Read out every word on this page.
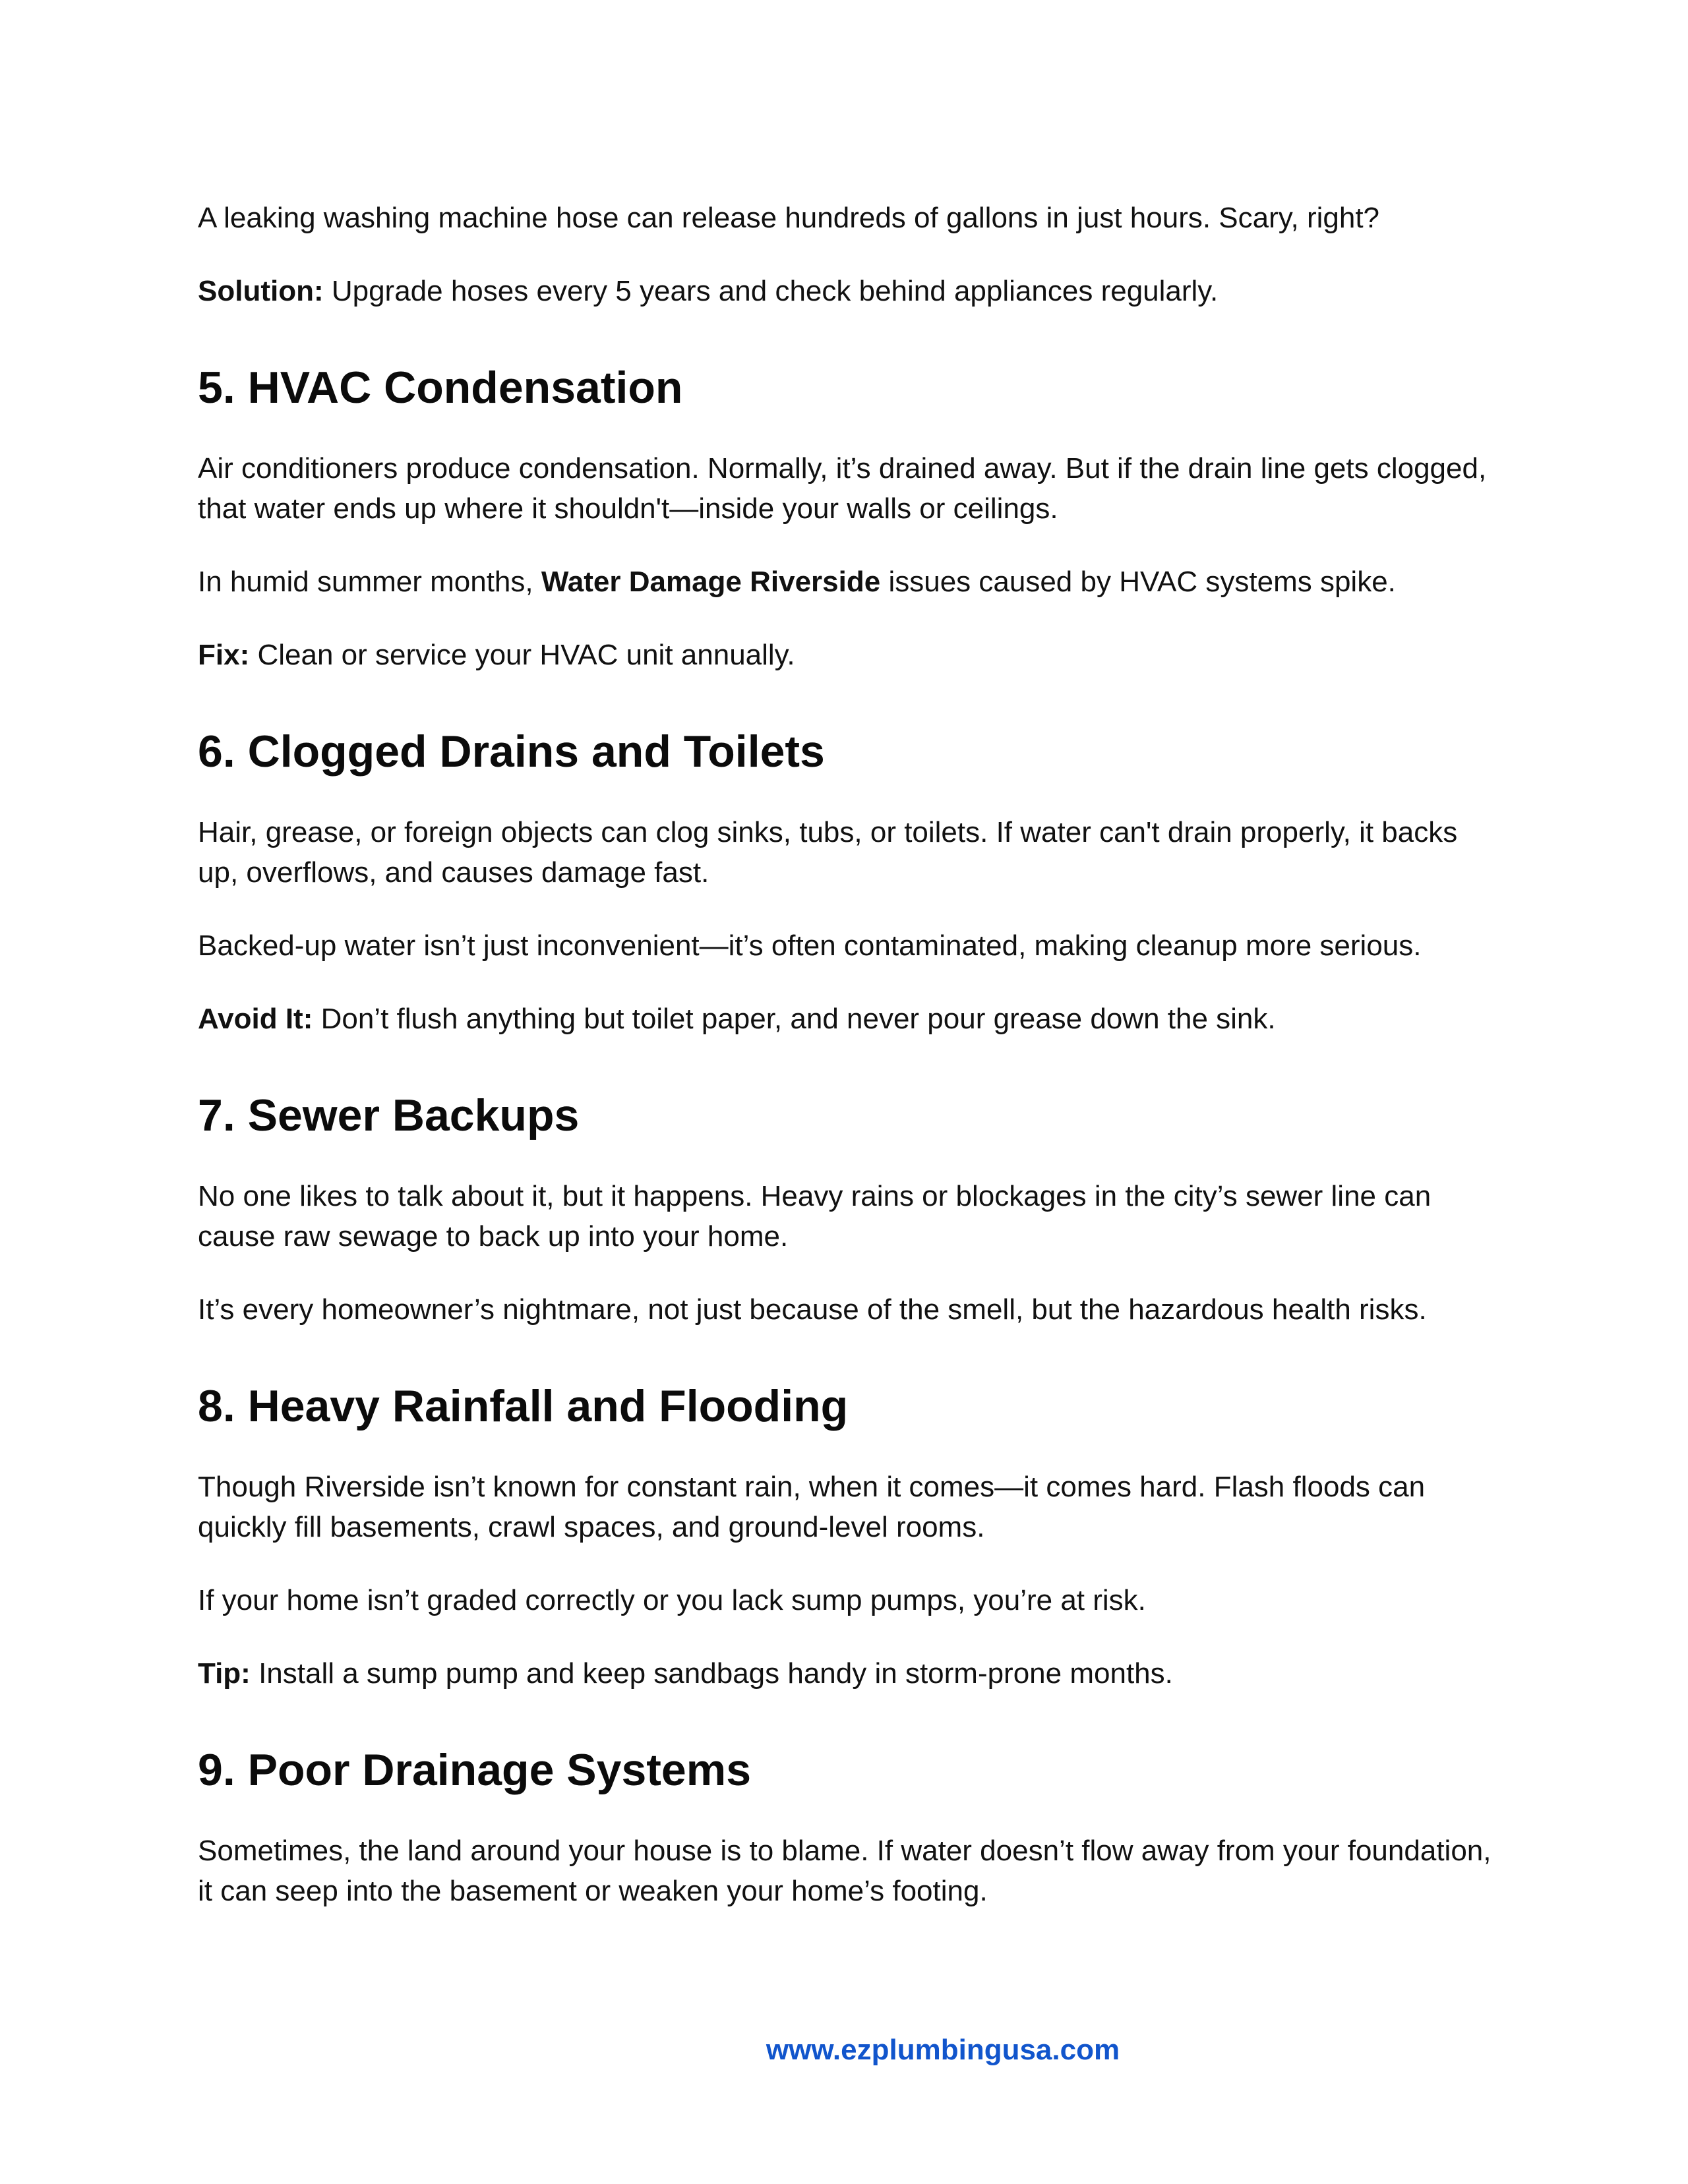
A leaking washing machine hose can release hundreds of gallons in just hours. Scary, right?

Solution: Upgrade hoses every 5 years and check behind appliances regularly.

5. HVAC Condensation

Air conditioners produce condensation. Normally, it’s drained away. But if the drain line gets clogged, that water ends up where it shouldn't—inside your walls or ceilings.

In humid summer months, Water Damage Riverside issues caused by HVAC systems spike.

Fix: Clean or service your HVAC unit annually.

6. Clogged Drains and Toilets

Hair, grease, or foreign objects can clog sinks, tubs, or toilets. If water can't drain properly, it backs up, overflows, and causes damage fast.

Backed-up water isn’t just inconvenient—it’s often contaminated, making cleanup more serious.

Avoid It: Don’t flush anything but toilet paper, and never pour grease down the sink.

7. Sewer Backups

No one likes to talk about it, but it happens. Heavy rains or blockages in the city’s sewer line can cause raw sewage to back up into your home.

It’s every homeowner’s nightmare, not just because of the smell, but the hazardous health risks.

8. Heavy Rainfall and Flooding

Though Riverside isn’t known for constant rain, when it comes—it comes hard. Flash floods can quickly fill basements, crawl spaces, and ground-level rooms.

If your home isn’t graded correctly or you lack sump pumps, you’re at risk.

Tip: Install a sump pump and keep sandbags handy in storm-prone months.

9. Poor Drainage Systems

Sometimes, the land around your house is to blame. If water doesn’t flow away from your foundation, it can seep into the basement or weaken your home’s footing.

www.ezplumbingusa.com
